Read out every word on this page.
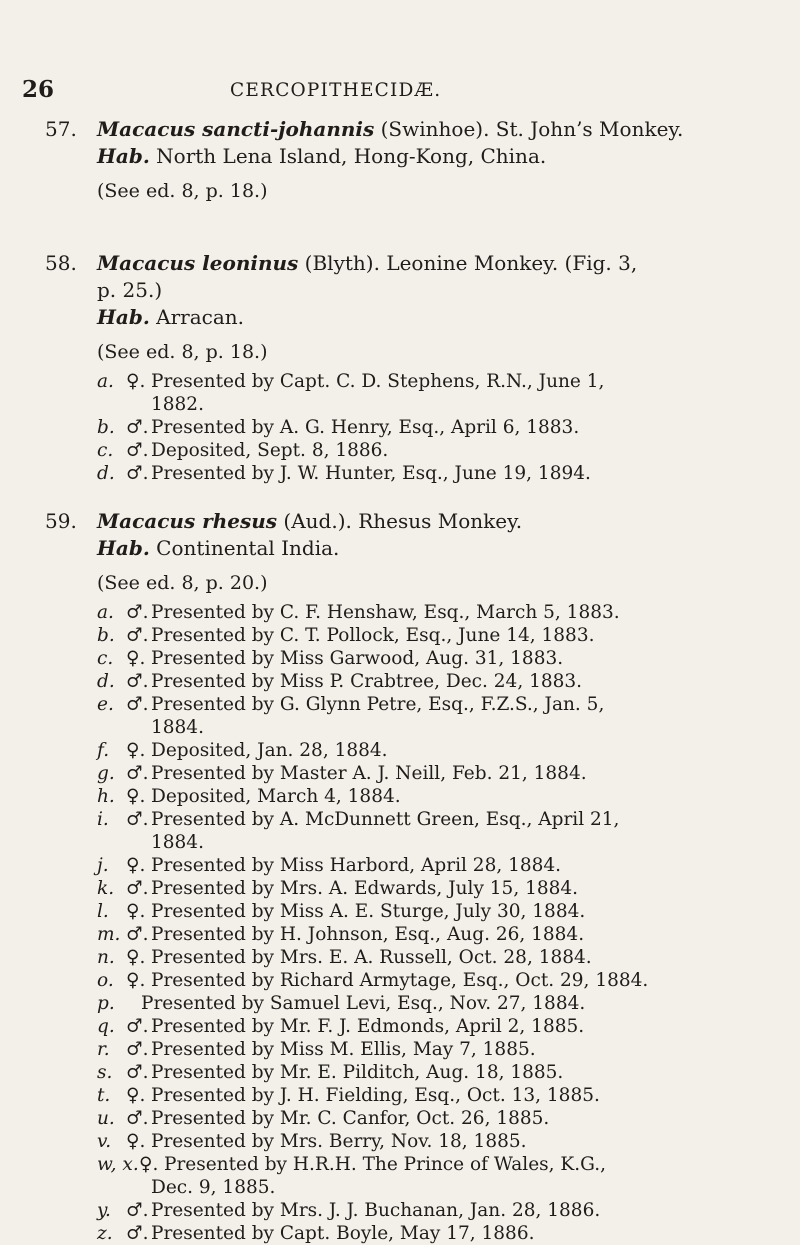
26	CERCOPITHECIDÆ.
57. Macacus sancti-johannis (Swinhoe). St. John’s Monkey.
Hab. North Lena Island, Hong-Kong, China.
(See ed. 8, p. 18.)
58. Macacus leoninus (Blyth). Leonine Monkey. (Fig. 3,
p. 25.)
Hab. Arracan.
(See ed. 8, p. 18.)
a. ♀. Presented by Capt. C. D. Stephens, R.N., June 1,
1882.
b. ♂. Presented by A. G. Henry, Esq., April 6, 1883.
c. ♂. Deposited, Sept. 8, 1886.
d. ♂. Presented by J. W. Hunter, Esq., June 19, 1894.
59. Macacus rhesus (Aud.). Rhesus Monkey.
Hab. Continental India.
(See ed. 8, p. 20.)
a. ♂. Presented by C. F. Henshaw, Esq., March 5, 1883.
b. ♂. Presented by C. T. Pollock, Esq., June 14, 1883.
c. ♀. Presented by Miss Garwood, Aug. 31, 1883.
d. ♂. Presented by Miss P. Crabtree, Dec. 24, 1883.
e. ♂. Presented by G. Glynn Petre, Esq., F.Z.S., Jan. 5,
1884.
f. ♀. Deposited, Jan. 28, 1884.
g. ♂. Presented by Master A. J. Neill, Feb. 21, 1884.
h. ♀. Deposited, March 4, 1884.
i. ♂. Presented by A. McDunnett Green, Esq., April 21,
1884.
j. ♀. Presented by Miss Harbord, April 28, 1884.
k. ♂. Presented by Mrs. A. Edwards, July 15, 1884.
l. ♀. Presented by Miss A. E. Sturge, July 30, 1884.
m. ♂. Presented by H. Johnson, Esq., Aug. 26, 1884.
n. ♀. Presented by Mrs. E. A. Russell, Oct. 28, 1884.
o. ♀. Presented by Richard Armytage, Esq., Oct. 29, 1884.
p.	Presented by Samuel Levi, Esq., Nov. 27, 1884.
q. ♂. Presented by Mr. F. J. Edmonds, April 2, 1885.
r. ♂. Presented by Miss M. Ellis, May 7, 1885.
s. ♂. Presented by Mr. E. Pilditch, Aug. 18, 1885.
t. ♀. Presented by J. H. Fielding, Esq., Oct. 13, 1885.
u. ♂. Presented by Mr. C. Canfor, Oct. 26, 1885.
v. ♀. Presented by Mrs. Berry, Nov. 18, 1885.
w, x. ♀. Presented by H.R.H. The Prince of Wales, K.G.,
Dec. 9, 1885.
y. ♂. Presented by Mrs. J. J. Buchanan, Jan. 28, 1886.
z. ♂. Presented by Capt. Boyle, May 17, 1886.
